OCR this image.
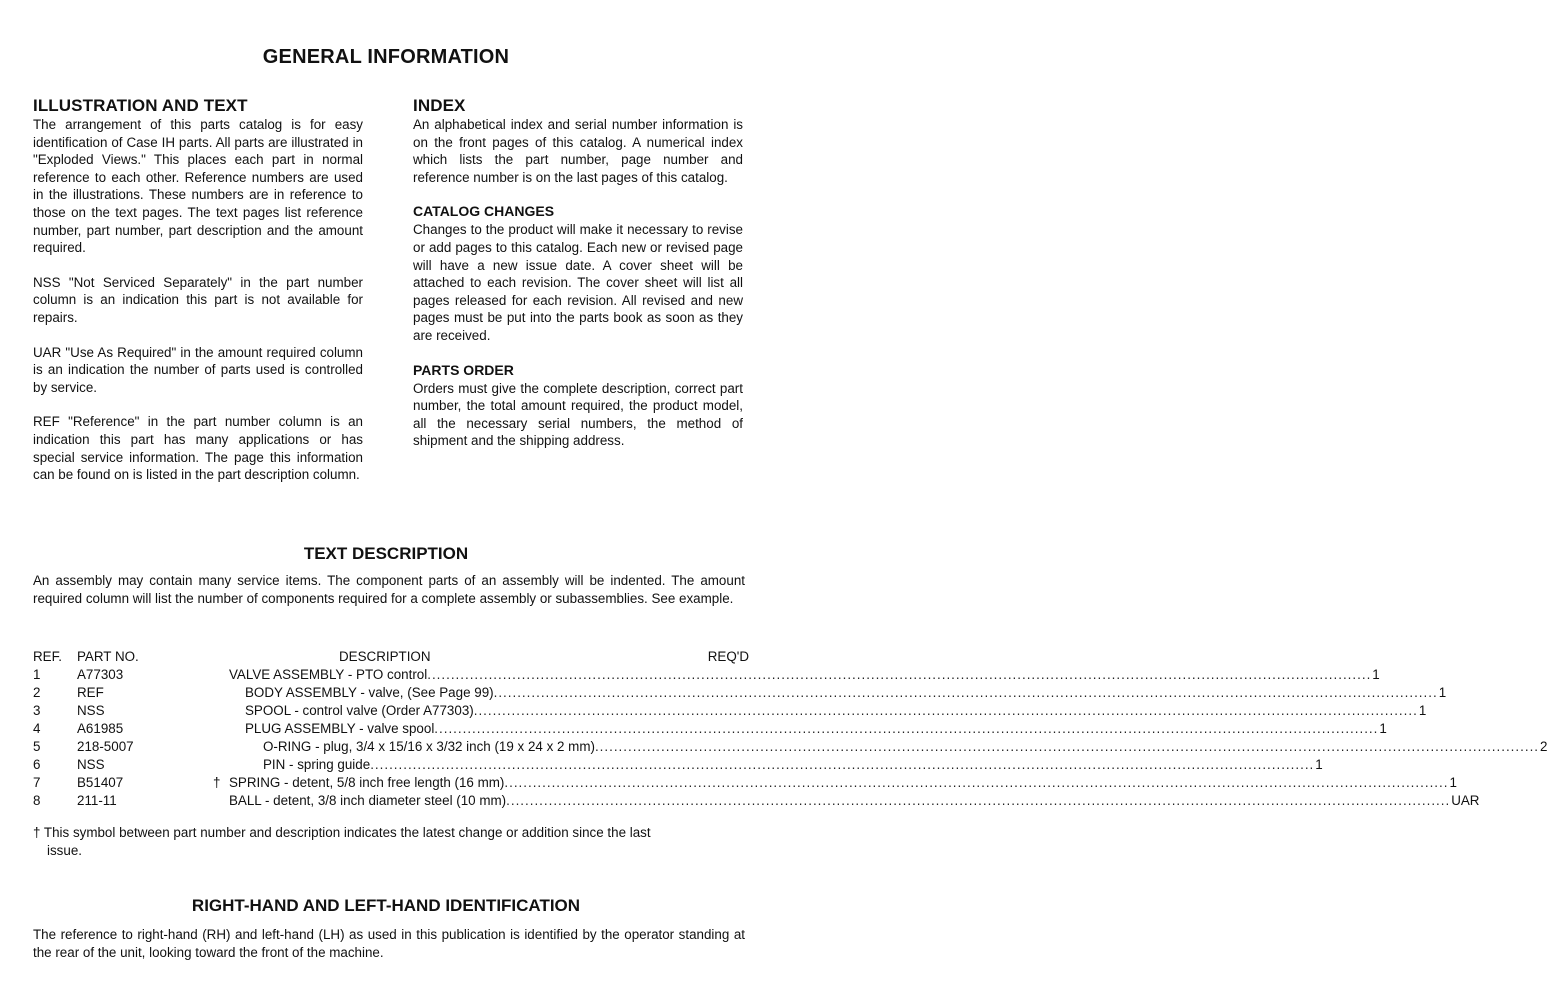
GENERAL INFORMATION
ILLUSTRATION AND TEXT

The arrangement of this parts catalog is for easy identification of Case IH parts. All parts are illustrated in "Exploded Views." This places each part in normal reference to each other. Reference numbers are used in the illustrations. These numbers are in reference to those on the text pages. The text pages list reference number, part number, part description and the amount required.

NSS "Not Serviced Separately" in the part number column is an indication this part is not available for repairs.

UAR "Use As Required" in the amount required column is an indication the number of parts used is controlled by service.

REF "Reference" in the part number column is an indication this part has many applications or has special service information. The page this information can be found on is listed in the part description column.

INDEX

An alphabetical index and serial number information is on the front pages of this catalog. A numerical index which lists the part number, page number and reference number is on the last pages of this catalog.

CATALOG CHANGES

Changes to the product will make it necessary to revise or add pages to this catalog. Each new or revised page will have a new issue date. A cover sheet will be attached to each revision. The cover sheet will list all pages released for each revision. All revised and new pages must be put into the parts book as soon as they are received.

PARTS ORDER

Orders must give the complete description, correct part number, the total amount required, the product model, all the necessary serial numbers, the method of shipment and the shipping address.

TEXT DESCRIPTION
An assembly may contain many service items. The component parts of an assembly will be indented. The amount required column will list the number of components required for a complete assembly or subassemblies. See example.
REF. PART NO.	DESCRIPTION	REQ'D
1	A77303	VALVE ASSEMBLY - PTO control ........................................................................................................................................................................................................ 1
2	REF	BODY ASSEMBLY - valve, (See Page 99) ........................................................................................................................................................................................................ 1
3	NSS	SPOOL - control valve (Order A77303) ........................................................................................................................................................................................................ 1
4	A61985	PLUG ASSEMBLY - valve spool ........................................................................................................................................................................................................ 1
5	218-5007	O-RING - plug, 3/4 x 15/16 x 3/32 inch (19 x 24 x 2 mm) ........................................................................................................................................................................................................ 2
6	NSS	PIN - spring guide ........................................................................................................................................................................................................ 1
7	B51407	† SPRING - detent, 5/8 inch free length (16 mm) ........................................................................................................................................................................................................ 1
8	211-11	BALL - detent, 3/8 inch diameter steel (10 mm) ........................................................................................................................................................................................................ UAR
† This symbol between part number and description indicates the latest change or addition since the last
issue.
RIGHT-HAND AND LEFT-HAND IDENTIFICATION
The reference to right-hand (RH) and left-hand (LH) as used in this publication is identified by the operator standing at the rear of the unit, looking toward the front of the machine.
